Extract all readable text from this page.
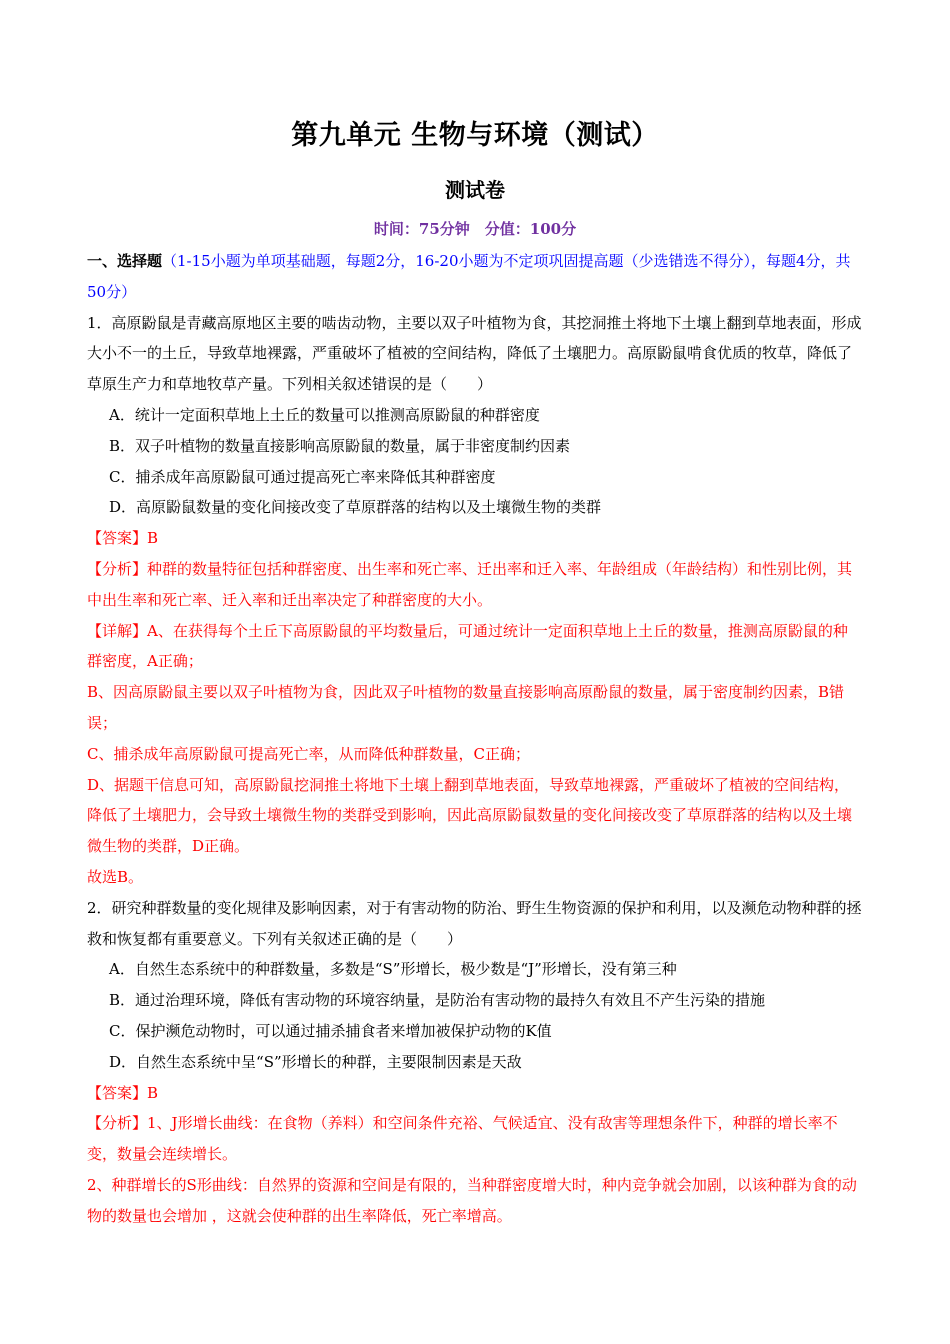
第九单元 生物与环境（测试）
测试卷
时间：75分钟　分值：100分

一、选择题（1-15小题为单项基础题，每题2分，16-20小题为不定项巩固提高题（少选错选不得分），每题4分，共50分）

1．高原鼢鼠是青藏高原地区主要的啮齿动物，主要以双子叶植物为食，其挖洞推土将地下土壤上翻到草地表面，形成大小不一的土丘，导致草地裸露，严重破坏了植被的空间结构，降低了土壤肥力。高原鼢鼠啃食优质的牧草，降低了草原生产力和草地牧草产量。下列相关叙述错误的是（　　）

A．统计一定面积草地上土丘的数量可以推测高原鼢鼠的种群密度

B．双子叶植物的数量直接影响高原鼢鼠的数量，属于非密度制约因素

C．捕杀成年高原鼢鼠可通过提高死亡率来降低其种群密度

D．高原鼢鼠数量的变化间接改变了草原群落的结构以及土壤微生物的类群

【答案】B

【分析】种群的数量特征包括种群密度、出生率和死亡率、迁出率和迁入率、年龄组成（年龄结构）和性别比例，其中出生率和死亡率、迁入率和迁出率决定了种群密度的大小。

【详解】A、在获得每个土丘下高原鼢鼠的平均数量后，可通过统计一定面积草地上土丘的数量，推测高原鼢鼠的种群密度，A正确；

B、因高原鼢鼠主要以双子叶植物为食，因此双子叶植物的数量直接影响高原酚鼠的数量，属于密度制约因素，B错误；

C、捕杀成年高原鼢鼠可提高死亡率，从而降低种群数量，C正确；

D、据题干信息可知，高原鼢鼠挖洞推土将地下土壤上翻到草地表面，导致草地裸露，严重破坏了植被的空间结构，降低了土壤肥力，会导致土壤微生物的类群受到影响，因此高原鼢鼠数量的变化间接改变了草原群落的结构以及土壤微生物的类群，D正确。

故选B。

2．研究种群数量的变化规律及影响因素，对于有害动物的防治、野生生物资源的保护和利用，以及濒危动物种群的拯救和恢复都有重要意义。下列有关叙述正确的是（　　）

A．自然生态系统中的种群数量，多数是“S”形增长，极少数是“J”形增长，没有第三种

B．通过治理环境，降低有害动物的环境容纳量，是防治有害动物的最持久有效且不产生污染的措施

C．保护濒危动物时，可以通过捕杀捕食者来增加被保护动物的K值

D．自然生态系统中呈“S”形增长的种群，主要限制因素是天敌

【答案】B

【分析】1、J形增长曲线：在食物（养料）和空间条件充裕、气候适宜、没有敌害等理想条件下，种群的增长率不变，数量会连续增长。

2、种群增长的S形曲线：自然界的资源和空间是有限的，当种群密度增大时，种内竞争就会加剧，以该种群为食的动物的数量也会增加 ，这就会使种群的出生率降低，死亡率增高。
